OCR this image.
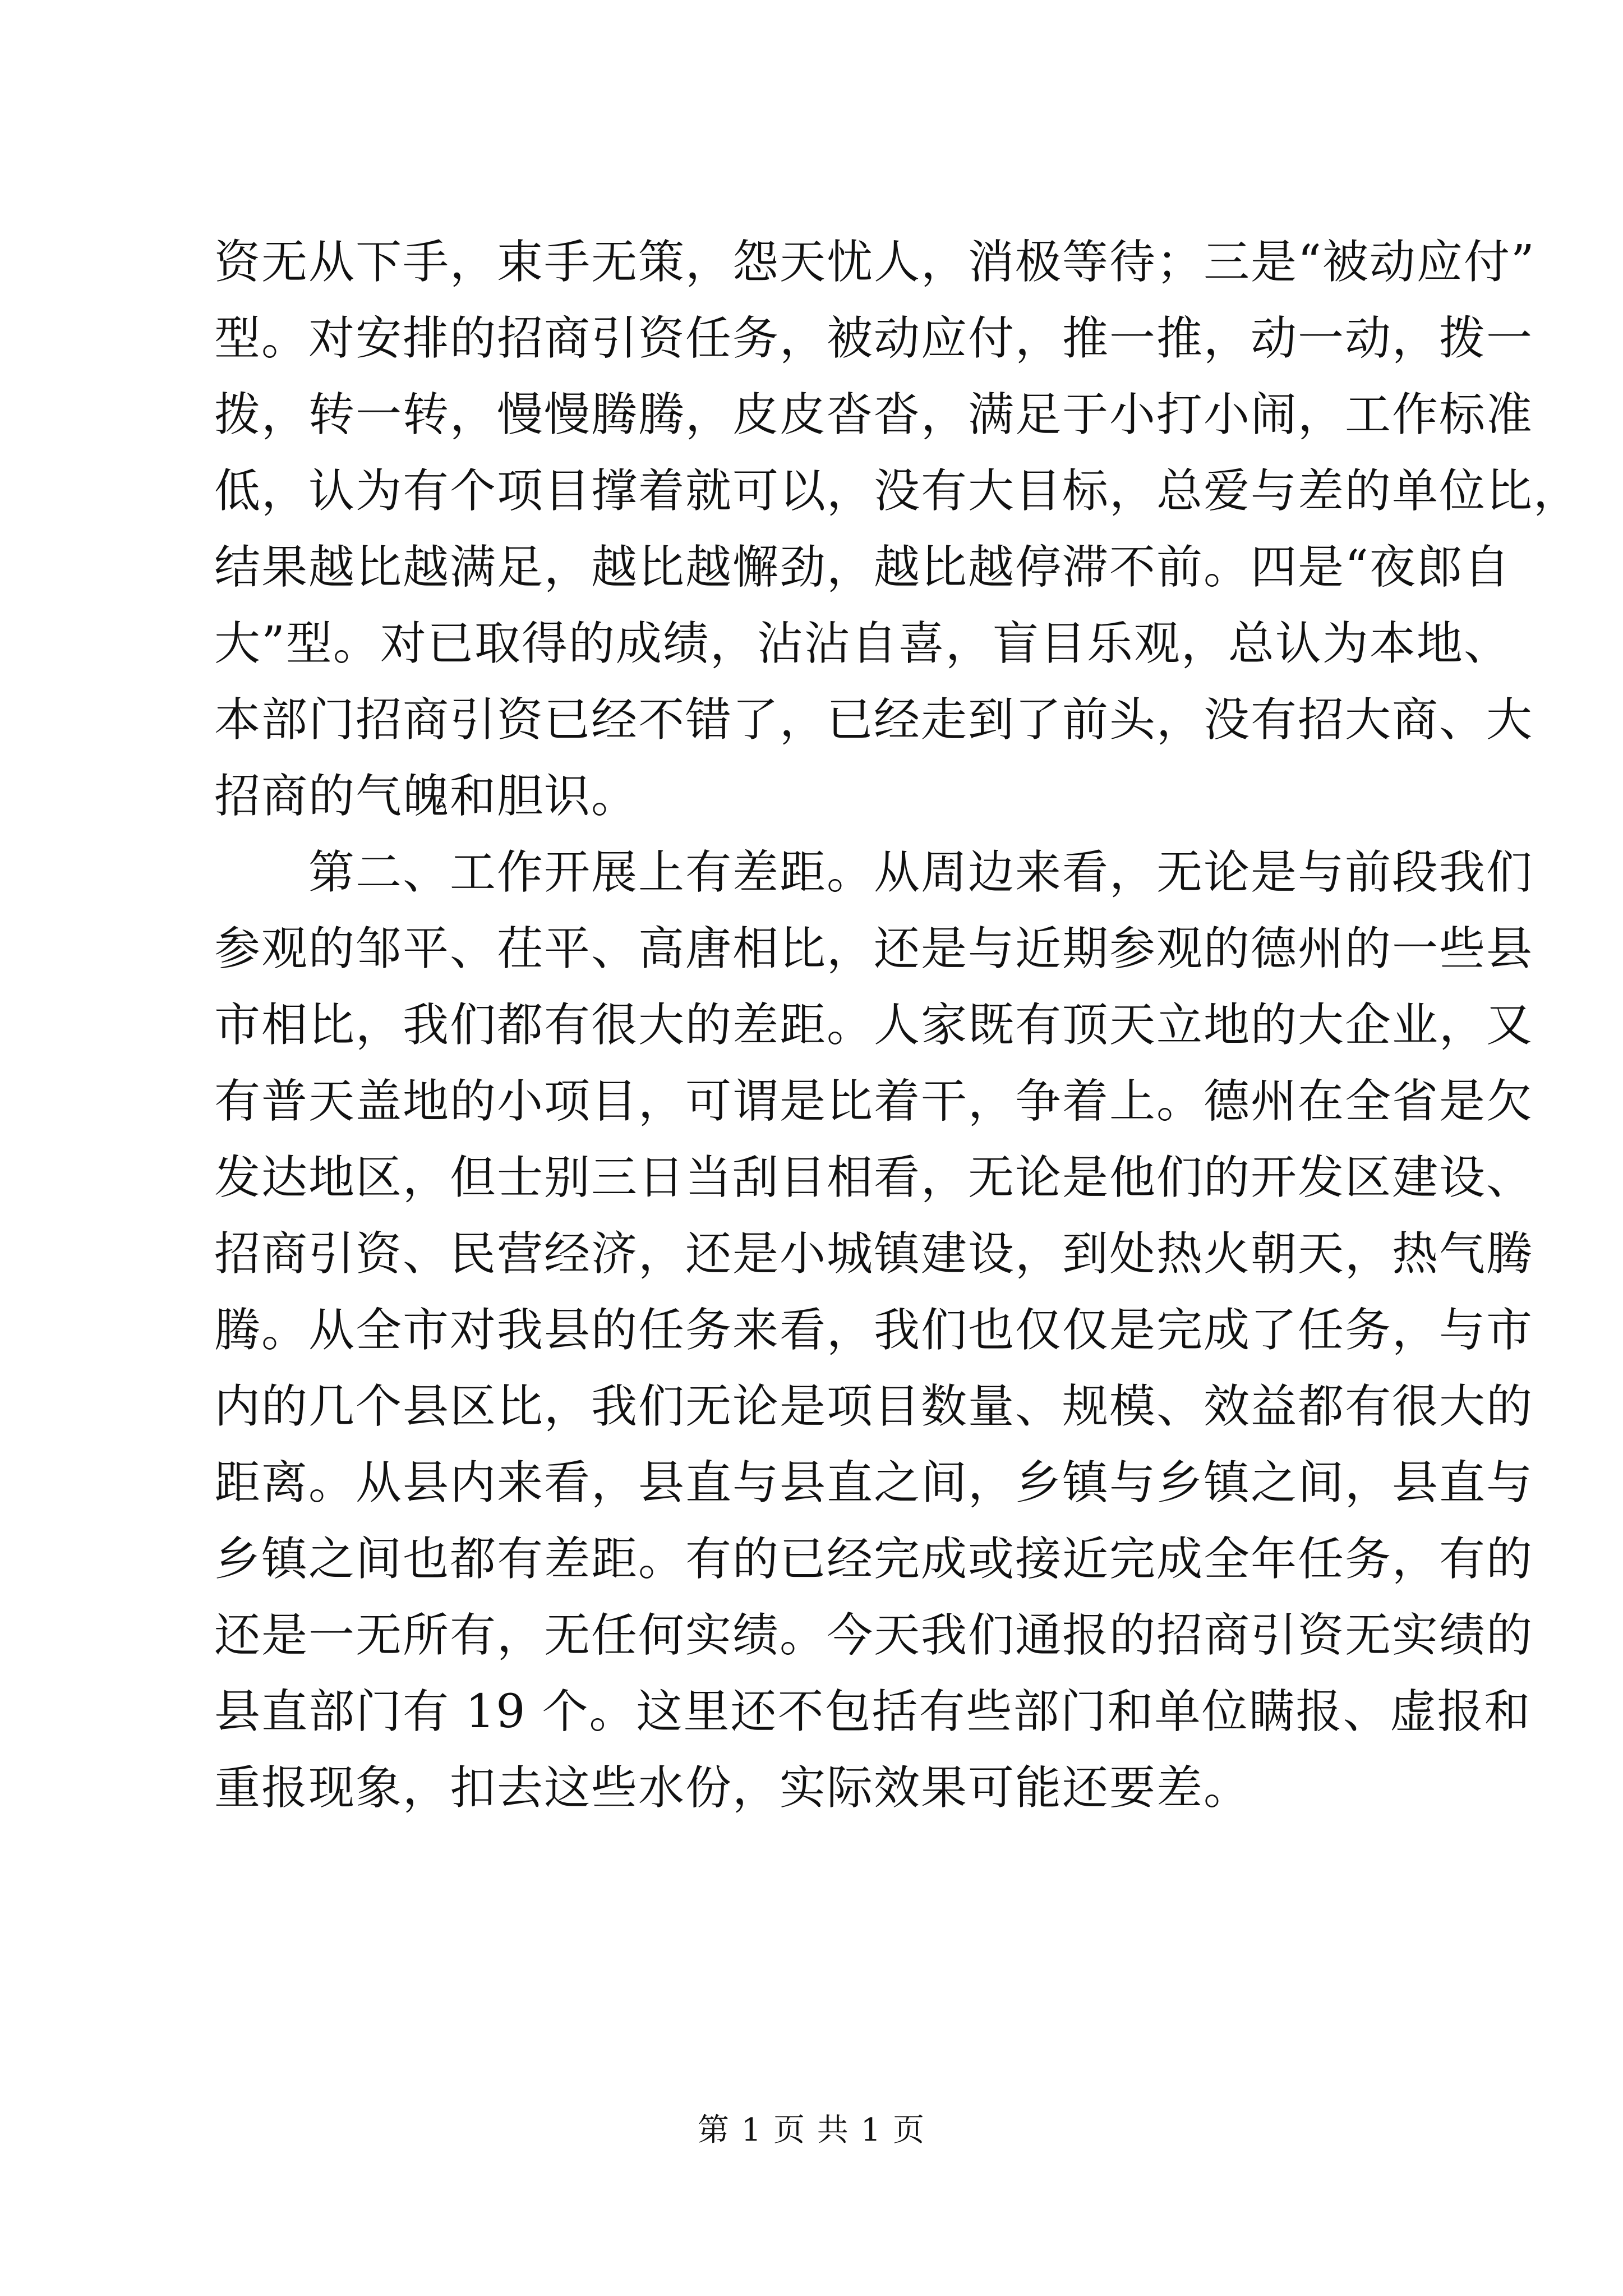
资无从下手，束手无策，怨天忧人，消极等待；三是“被动应付”
型。对安排的招商引资任务，被动应付，推一推，动一动，拨一
拨，转一转，慢慢腾腾，皮皮沓沓，满足于小打小闹，工作标准
低，认为有个项目撑着就可以，没有大目标，总爱与差的单位比，
结果越比越满足，越比越懈劲，越比越停滞不前。四是“夜郎自
大”型。对已取得的成绩，沾沾自喜，盲目乐观，总认为本地、
本部门招商引资已经不错了，已经走到了前头，没有招大商、大
招商的气魄和胆识。
　　第二、工作开展上有差距。从周边来看，无论是与前段我们
参观的邹平、茌平、高唐相比，还是与近期参观的德州的一些县
市相比，我们都有很大的差距。人家既有顶天立地的大企业，又
有普天盖地的小项目，可谓是比着干，争着上。德州在全省是欠
发达地区，但士别三日当刮目相看，无论是他们的开发区建设、
招商引资、民营经济，还是小城镇建设，到处热火朝天，热气腾
腾。从全市对我县的任务来看，我们也仅仅是完成了任务，与市
内的几个县区比，我们无论是项目数量、规模、效益都有很大的
距离。从县内来看，县直与县直之间，乡镇与乡镇之间，县直与
乡镇之间也都有差距。有的已经完成或接近完成全年任务，有的
还是一无所有，无任何实绩。今天我们通报的招商引资无实绩的
县直部门有 19 个。这里还不包括有些部门和单位瞒报、虚报和
重报现象，扣去这些水份，实际效果可能还要差。
第 1 页 共 1 页
